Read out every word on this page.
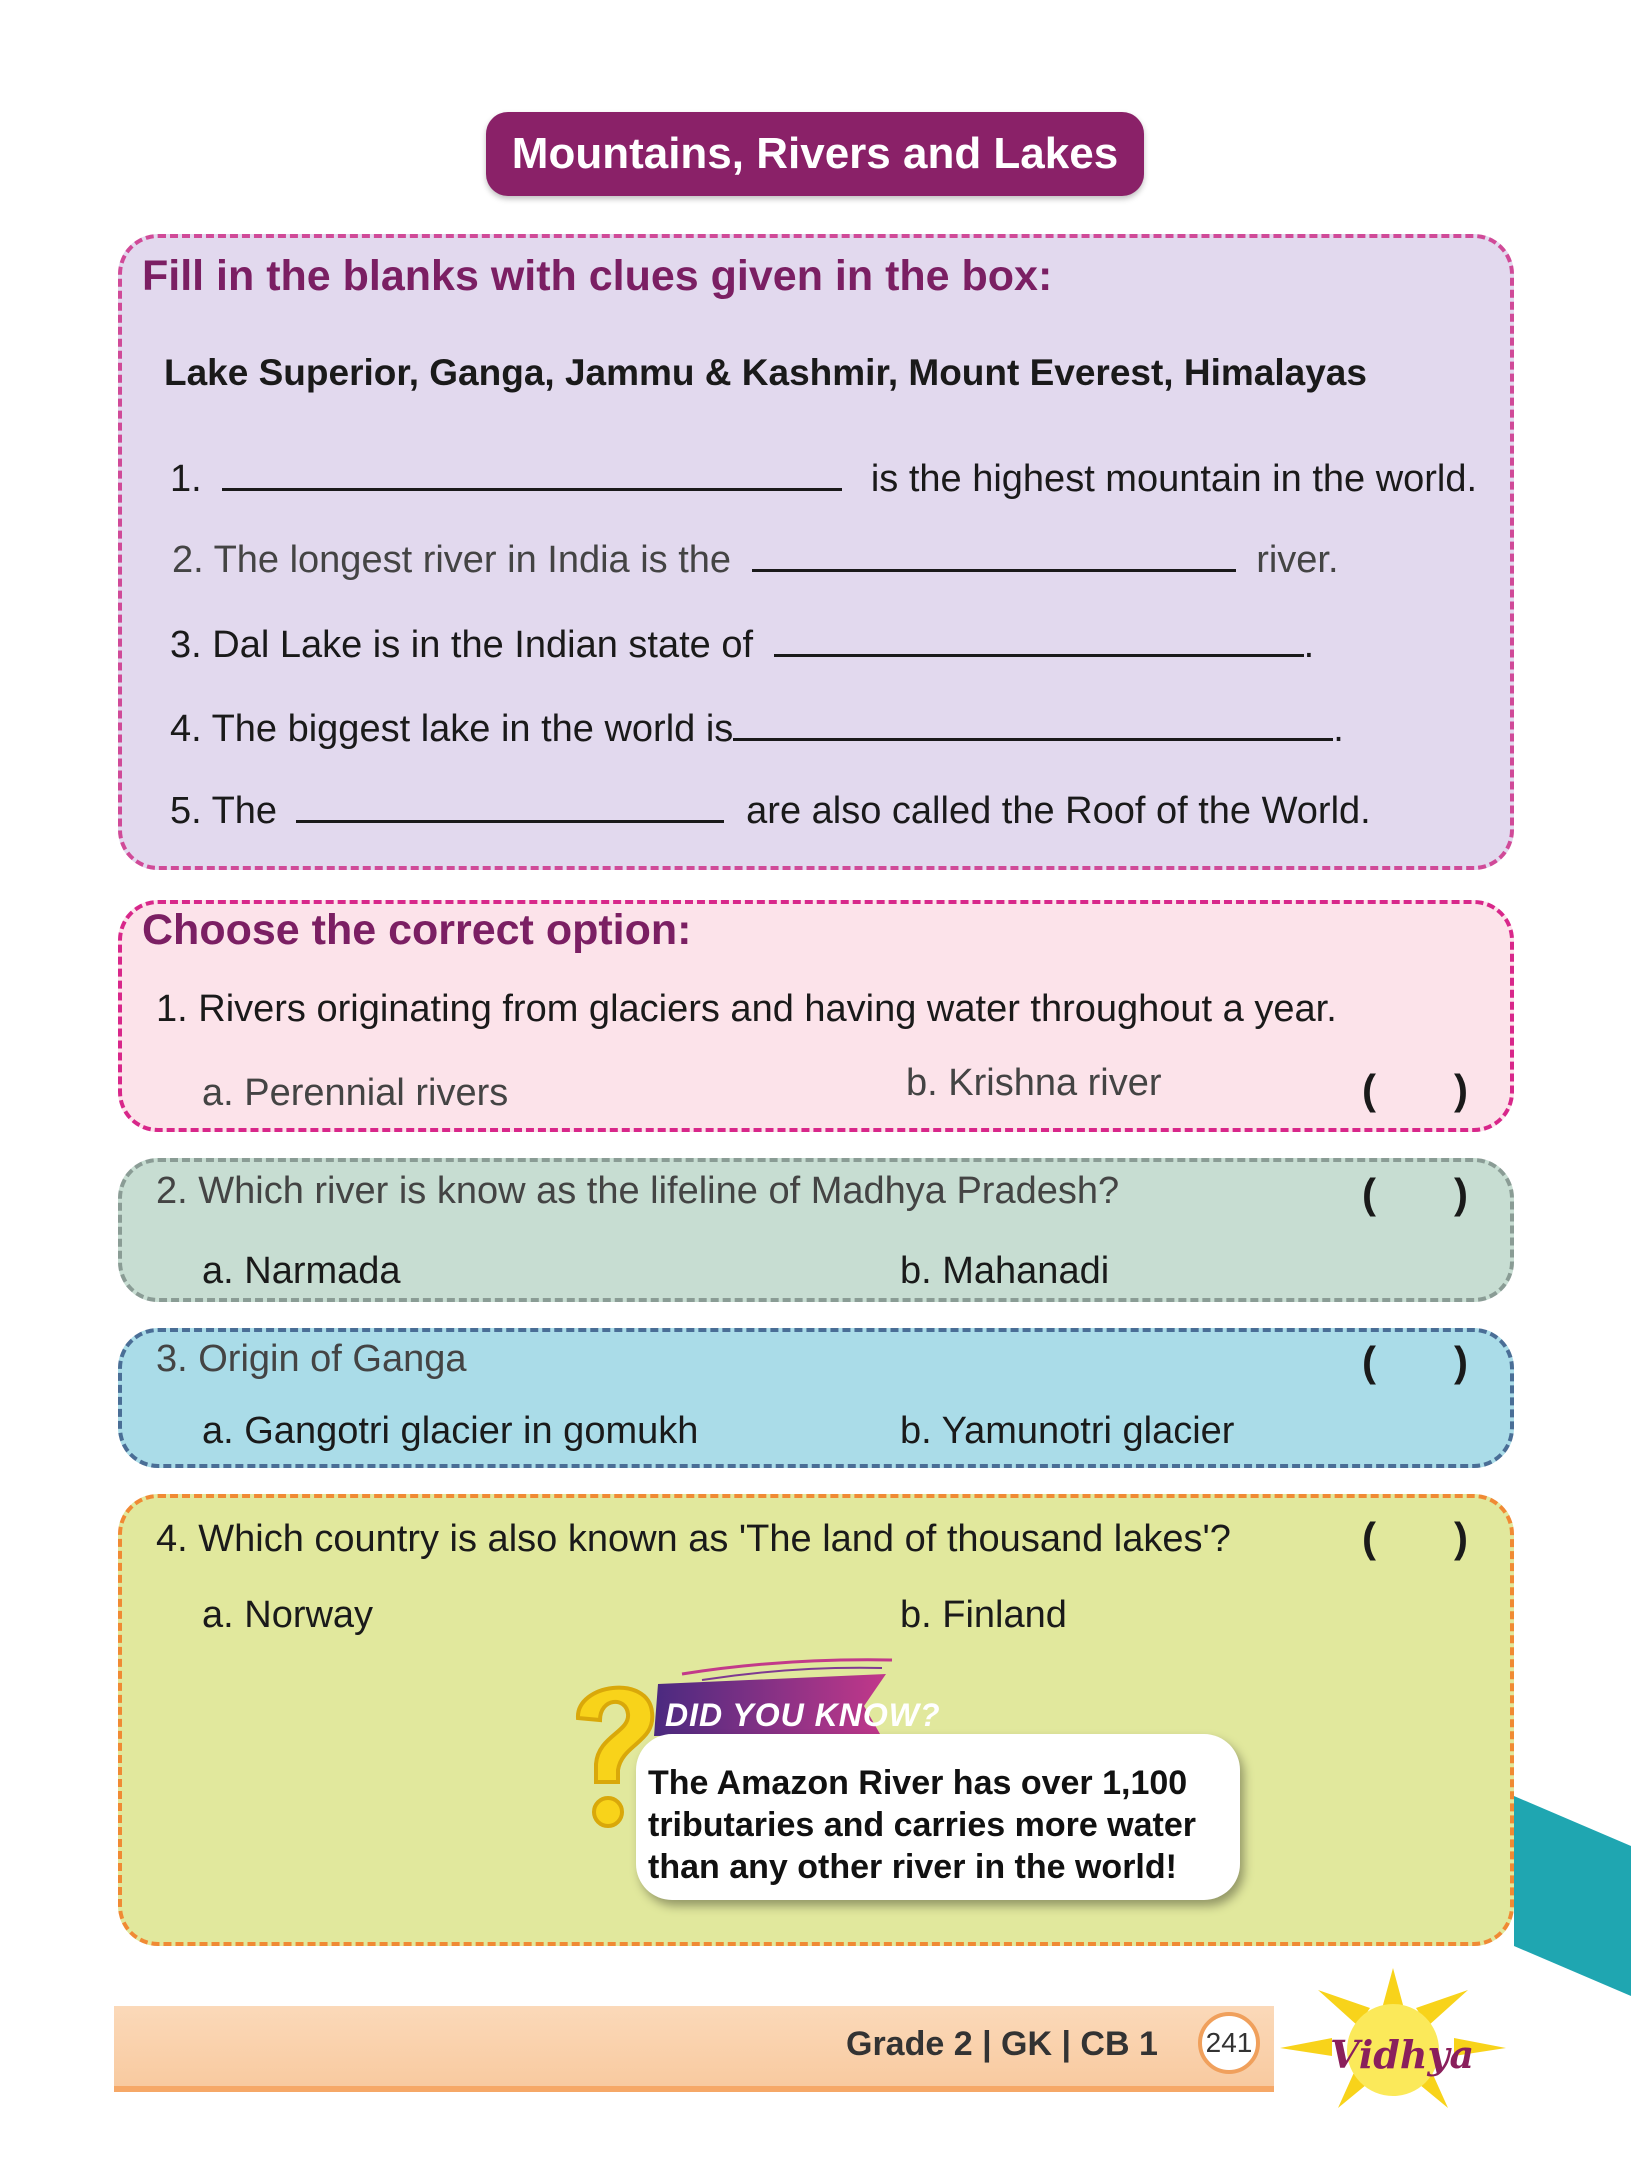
Mountains, Rivers and Lakes
Fill in the blanks with clues given in the box:
Lake Superior, Ganga, Jammu & Kashmir, Mount Everest, Himalayas
1.	is the highest mountain in the world.
2. The longest river in India is the	river.
3. Dal Lake is in the Indian state of	.
4. The biggest lake in the world is	.
5. The	are also called the Roof of the World.
Choose the correct option:
1. Rivers originating from glaciers and having water throughout a year.
a. Perennial rivers	b. Krishna river	( )
2. Which river is know as the lifeline of Madhya Pradesh?
a. Narmada	b. Mahanadi
( )
3. Origin of Ganga
a. Gangotri glacier in gomukh	b. Yamunotri glacier
( )
4. Which country is also known as 'The land of thousand lakes'?
a. Norway	b. Finland
( )
DID YOU KNOW?
The Amazon River has over 1,100 tributaries and carries more water than any other river in the world!
Grade 2 | GK | CB 1 241 Vidhya
